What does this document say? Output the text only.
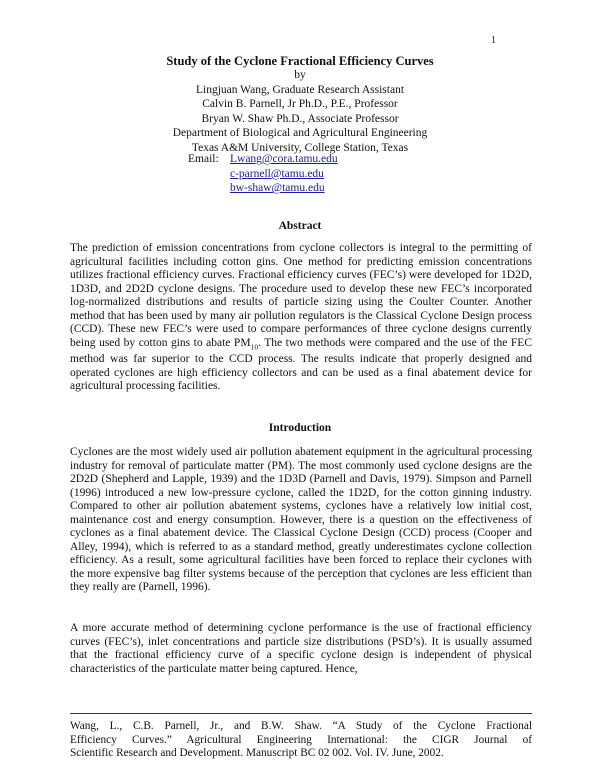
1
Study of the Cyclone Fractional Efficiency Curves
by
Lingjuan Wang, Graduate Research Assistant
Calvin B. Parnell, Jr Ph.D., P.E., Professor
Bryan W. Shaw Ph.D., Associate Professor
Department of Biological and Agricultural Engineering
Texas A&M University, College Station, Texas
Email: Lwang@cora.tamu.edu
c-parnell@tamu.edu
bw-shaw@tamu.edu
Abstract

The prediction of emission concentrations from cyclone collectors is integral to the permitting of agricultural facilities including cotton gins. One method for predicting emission concentrations utilizes fractional efficiency curves. Fractional efficiency curves (FEC’s) were developed for 1D2D, 1D3D, and 2D2D cyclone designs. The procedure used to develop these new FEC’s incorporated log-normalized distributions and results of particle sizing using the Coulter Counter. Another method that has been used by many air pollution regulators is the Classical Cyclone Design process (CCD). These new FEC’s were used to compare performances of three cyclone designs currently being used by cotton gins to abate $PM_{10}$. The two methods were compared and the use of the FEC method was far superior to the CCD process. The results indicate that properly designed and operated cyclones are high efficiency collectors and can be used as a final abatement device for agricultural processing facilities.

Introduction

Cyclones are the most widely used air pollution abatement equipment in the agricultural processing industry for removal of particulate matter (PM). The most commonly used cyclone designs are the 2D2D (Shepherd and Lapple, 1939) and the 1D3D (Parnell and Davis, 1979). Simpson and Parnell (1996) introduced a new low-pressure cyclone, called the 1D2D, for the cotton ginning industry. Compared to other air pollution abatement systems, cyclones have a relatively low initial cost, maintenance cost and energy consumption. However, there is a question on the effectiveness of cyclones as a final abatement device. The Classical Cyclone Design (CCD) process (Cooper and Alley, 1994), which is referred to as a standard method, greatly underestimates cyclone collection efficiency. As a result, some agricultural facilities have been forced to replace their cyclones with the more expensive bag filter systems because of the perception that cyclones are less efficient than they really are (Parnell, 1996).

A more accurate method of determining cyclone performance is the use of fractional efficiency curves (FEC’s), inlet concentrations and particle size distributions (PSD’s). It is usually assumed that the fractional efficiency curve of a specific cyclone design is independent of physical characteristics of the particulate matter being captured. Hence,

Wang, L., C.B. Parnell, Jr., and B.W. Shaw. “A Study of the Cyclone Fractional
Efficiency Curves.” Agricultural Engineering International: the CIGR Journal of
Scientific Research and Development. Manuscript BC 02 002. Vol. IV. June, 2002.
